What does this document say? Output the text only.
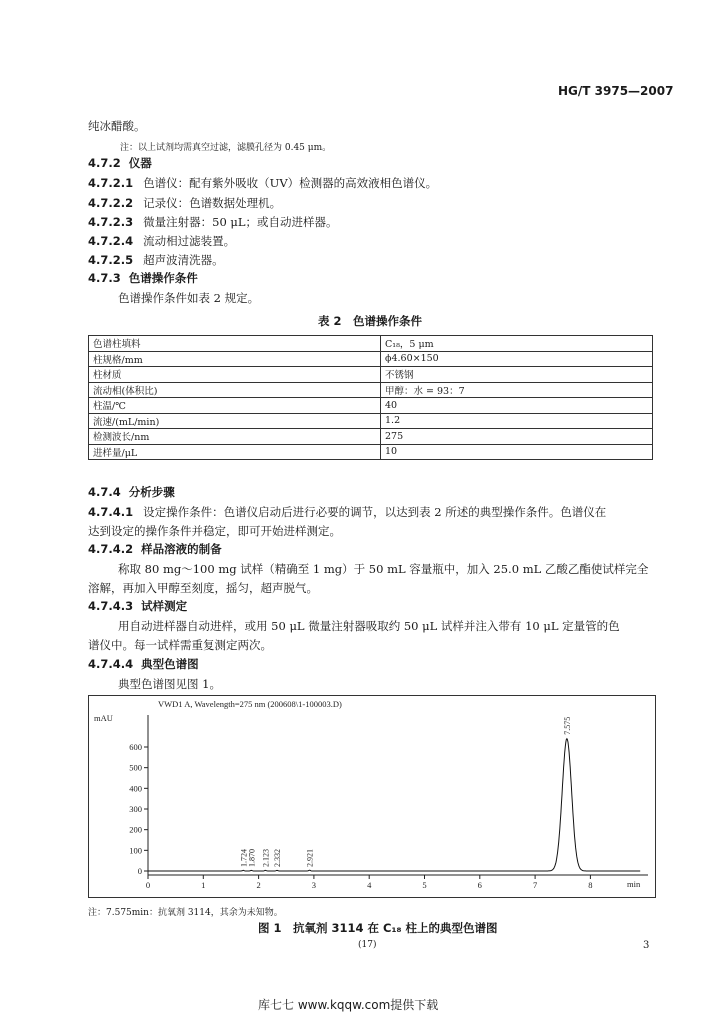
HG/T 3975—2007
纯冰醋酸。
注：以上试剂均需真空过滤，滤膜孔径为 0.45 μm。
4.7.2 仪器
4.7.2.1 色谱仪：配有紫外吸收（UV）检测器的高效液相色谱仪。
4.7.2.2 记录仪：色谱数据处理机。
4.7.2.3 微量注射器：50 μL；或自动进样器。
4.7.2.4 流动相过滤装置。
4.7.2.5 超声波清洗器。
4.7.3 色谱操作条件
色谱操作条件如表 2 规定。
表 2　色谱操作条件
色谱柱填料	C₁₈，5 μm
柱规格/mm	ϕ4.60×150
柱材质	不锈钢
流动相(体积比)	甲醇：水 = 93：7
柱温/℃	40
流速/(mL/min)	1.2
检测波长/nm	275
进样量/μL	10
4.7.4 分析步骤
4.7.4.1 设定操作条件：色谱仪启动后进行必要的调节，以达到表 2 所述的典型操作条件。色谱仪在
达到设定的操作条件并稳定，即可开始进样测定。
4.7.4.2 样品溶液的制备
称取 80 mg～100 mg 试样（精确至 1 mg）于 50 mL 容量瓶中，加入 25.0 mL 乙酸乙酯使试样完全
溶解，再加入甲醇至刻度，摇匀，超声脱气。
4.7.4.3 试样测定
用自动进样器自动进样，或用 50 μL 微量注射器吸取约 50 μL 试样并注入带有 10 μL 定量管的色
谱仪中。每一试样需重复测定两次。
4.7.4.4 典型色谱图
典型色谱图见图 1。
VWD1 A, Wavelength=275 nm (200608\1-100003.D)
mAU
min
0	1	2	3	4	5	6	7	8
0
100
200
300
400
500
600
1.724 1.870 2.123 2.332	2.921
7.575
注：7.575min：抗氧剂 3114，其余为未知物。
图 1　抗氧剂 3114 在 C₁₈ 柱上的典型色谱图
(17)	3
库七七 www.kqqw.com提供下载
